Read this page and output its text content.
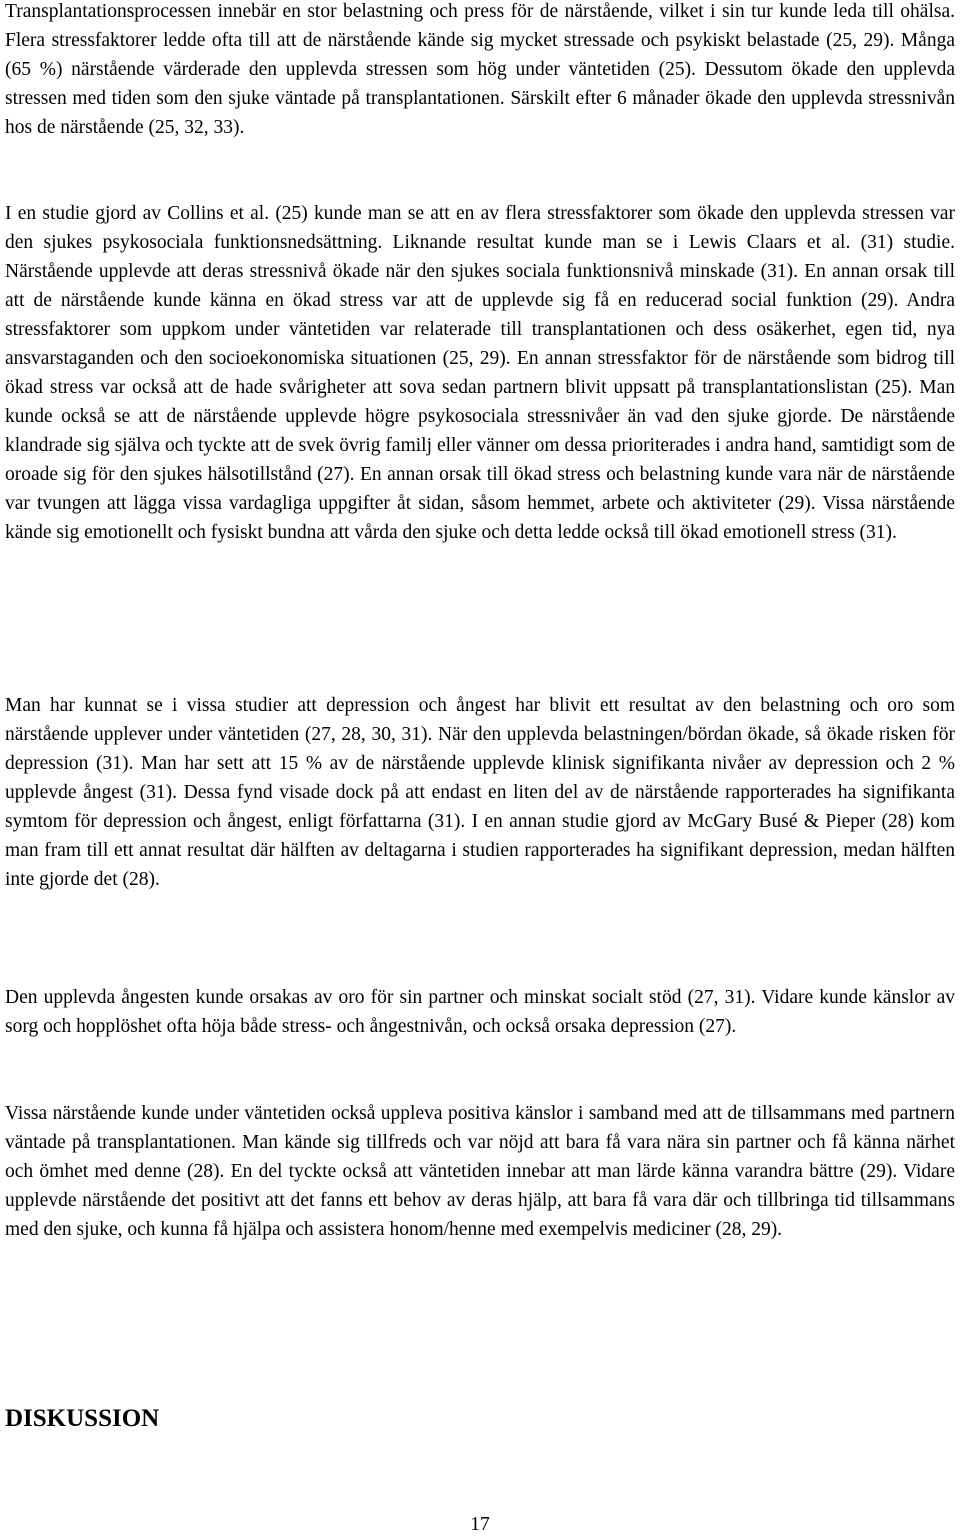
Transplantationsprocessen innebär en stor belastning och press för de närstående, vilket i sin tur kunde leda till ohälsa. Flera stressfaktorer ledde ofta till att de närstående kände sig mycket stressade och psykiskt belastade (25, 29). Många (65 %) närstående värderade den upplevda stressen som hög under väntetiden (25). Dessutom ökade den upplevda stressen med tiden som den sjuke väntade på transplantationen. Särskilt efter 6 månader ökade den upplevda stressnivån hos de närstående (25, 32, 33).

I en studie gjord av Collins et al. (25) kunde man se att en av flera stressfaktorer som ökade den upplevda stressen var den sjukes psykosociala funktionsnedsättning. Liknande resultat kunde man se i Lewis Claars et al. (31) studie. Närstående upplevde att deras stressnivå ökade när den sjukes sociala funktionsnivå minskade (31). En annan orsak till att de närstående kunde känna en ökad stress var att de upplevde sig få en reducerad social funktion (29). Andra stressfaktorer som uppkom under väntetiden var relaterade till transplantationen och dess osäkerhet, egen tid, nya ansvarstaganden och den socioekonomiska situationen (25, 29). En annan stressfaktor för de närstående som bidrog till ökad stress var också att de hade svårigheter att sova sedan partnern blivit uppsatt på transplantationslistan (25). Man kunde också se att de närstående upplevde högre psykosociala stressnivåer än vad den sjuke gjorde. De närstående klandrade sig själva och tyckte att de svek övrig familj eller vänner om dessa prioriterades i andra hand, samtidigt som de oroade sig för den sjukes hälsotillstånd (27). En annan orsak till ökad stress och belastning kunde vara när de närstående var tvungen att lägga vissa vardagliga uppgifter åt sidan, såsom hemmet, arbete och aktiviteter (29). Vissa närstående kände sig emotionellt och fysiskt bundna att vårda den sjuke och detta ledde också till ökad emotionell stress (31).

Man har kunnat se i vissa studier att depression och ångest har blivit ett resultat av den belastning och oro som närstående upplever under väntetiden (27, 28, 30, 31). När den upplevda belastningen/bördan ökade, så ökade risken för depression (31). Man har sett att 15 % av de närstående upplevde klinisk signifikanta nivåer av depression och 2 % upplevde ångest (31). Dessa fynd visade dock på att endast en liten del av de närstående rapporterades ha signifikanta symtom för depression och ångest, enligt författarna (31). I en annan studie gjord av McGary Busé & Pieper (28) kom man fram till ett annat resultat där hälften av deltagarna i studien rapporterades ha signifikant depression, medan hälften inte gjorde det (28).

Den upplevda ångesten kunde orsakas av oro för sin partner och minskat socialt stöd (27, 31). Vidare kunde känslor av sorg och hopplöshet ofta höja både stress- och ångestnivån, och också orsaka depression (27).

Vissa närstående kunde under väntetiden också uppleva positiva känslor i samband med att de tillsammans med partnern väntade på transplantationen. Man kände sig tillfreds och var nöjd att bara få vara nära sin partner och få känna närhet och ömhet med denne (28). En del tyckte också att väntetiden innebar att man lärde känna varandra bättre (29). Vidare upplevde närstående det positivt att det fanns ett behov av deras hjälp, att bara få vara där och tillbringa tid tillsammans med den sjuke, och kunna få hjälpa och assistera honom/henne med exempelvis mediciner (28, 29).

DISKUSSION

17
